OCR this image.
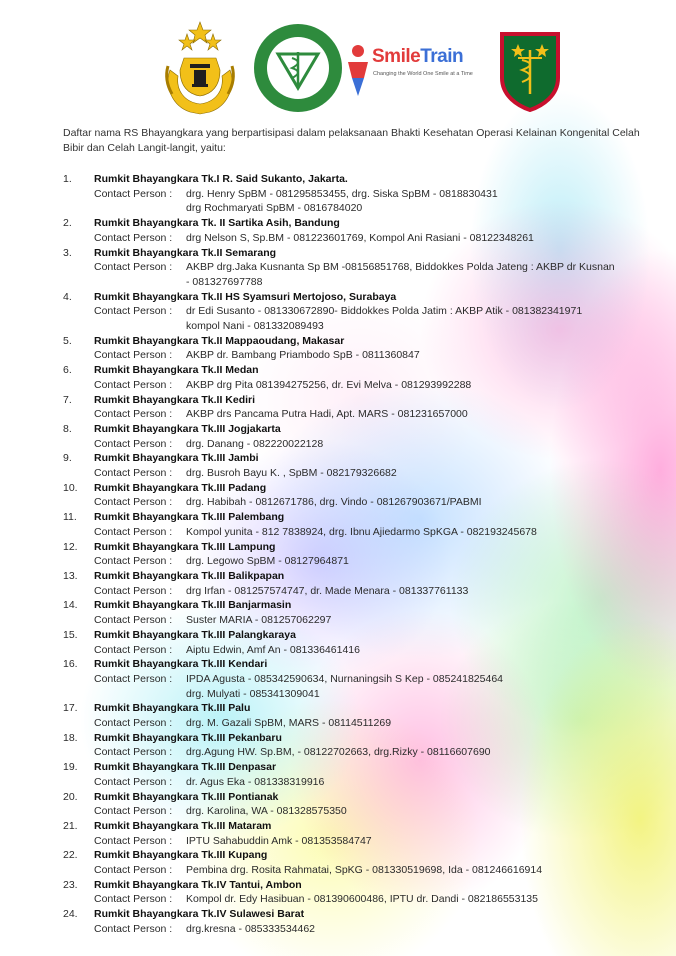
SmileTrain
Changing the World One Smile at a Time
Daftar nama RS Bhayangkara yang berpartisipasi dalam pelaksanaan Bhakti Kesehatan Operasi Kelainan Kongenital Celah Bibir dan Celah Langit-langit, yaitu:
1.	Rumkit Bhayangkara Tk.I R. Said Sukanto, Jakarta.
Contact Person :	drg. Henry SpBM - 081295853455, drg. Siska SpBM - 0818830431
drg Rochmaryati SpBM - 0816784020
2.	Rumkit Bhayangkara Tk. II Sartika Asih, Bandung
Contact Person :	drg Nelson S, Sp.BM - 081223601769, Kompol Ani Rasiani - 08122348261
3.	Rumkit Bhayangkara Tk.II Semarang
Contact Person :	AKBP drg.Jaka Kusnanta Sp BM -08156851768, Biddokkes Polda Jateng : AKBP dr Kusnan
- 081327697788
4.	Rumkit Bhayangkara Tk.II HS Syamsuri Mertojoso, Surabaya
Contact Person :	dr Edi Susanto - 081330672890- Biddokkes Polda Jatim : AKBP Atik - 081382341971
kompol Nani - 081332089493
5.	Rumkit Bhayangkara Tk.II Mappaoudang, Makasar
Contact Person :	AKBP dr. Bambang Priambodo SpB - 0811360847
6.	Rumkit Bhayangkara Tk.II Medan
Contact Person :	AKBP drg Pita 081394275256, dr. Evi Melva - 081293992288
7.	Rumkit Bhayangkara Tk.II Kediri
Contact Person :	AKBP drs Pancama Putra Hadi, Apt. MARS - 081231657000
8.	Rumkit Bhayangkara Tk.III Jogjakarta
Contact Person :	drg. Danang - 082220022128
9.	Rumkit Bhayangkara Tk.III Jambi
Contact Person :	drg. Busroh Bayu K. , SpBM - 082179326682
10.	Rumkit Bhayangkara Tk.III Padang
Contact Person :	drg. Habibah - 0812671786, drg. Vindo - 081267903671/PABMI
11.	Rumkit Bhayangkara Tk.III Palembang
Contact Person :	Kompol yunita - 812 7838924, drg. Ibnu Ajiedarmo SpKGA - 082193245678
12.	Rumkit Bhayangkara Tk.III Lampung
Contact Person :	drg. Legowo SpBM - 08127964871
13.	Rumkit Bhayangkara Tk.III Balikpapan
Contact Person :	drg Irfan - 081257574747, dr. Made Menara - 081337761133
14.	Rumkit Bhayangkara Tk.III Banjarmasin
Contact Person :	Suster MARIA - 081257062297
15.	Rumkit Bhayangkara Tk.III Palangkaraya
Contact Person :	Aiptu Edwin, Amf An - 081336461416
16.	Rumkit Bhayangkara Tk.III Kendari
Contact Person :	IPDA Agusta - 085342590634, Nurnaningsih S Kep - 085241825464
drg. Mulyati - 085341309041
17.	Rumkit Bhayangkara Tk.III Palu
Contact Person :	drg. M. Gazali SpBM, MARS - 08114511269
18.	Rumkit Bhayangkara Tk.III Pekanbaru
Contact Person :	drg.Agung HW. Sp.BM, - 08122702663, drg.Rizky - 08116607690
19.	Rumkit Bhayangkara Tk.III Denpasar
Contact Person :	dr. Agus Eka - 081338319916
20.	Rumkit Bhayangkara Tk.III Pontianak
Contact Person :	drg. Karolina, WA - 081328575350
21.	Rumkit Bhayangkara Tk.III Mataram
Contact Person :	IPTU Sahabuddin Amk - 081353584747
22.	Rumkit Bhayangkara Tk.III Kupang
Contact Person :	Pembina drg. Rosita Rahmatai, SpKG - 081330519698, Ida - 081246616914
23.	Rumkit Bhayangkara Tk.IV Tantui, Ambon
Contact Person :	Kompol dr. Edy Hasibuan - 081390600486, IPTU dr. Dandi - 082186553135
24.	Rumkit Bhayangkara Tk.IV Sulawesi Barat
Contact Person :	drg.kresna - 085333534462
